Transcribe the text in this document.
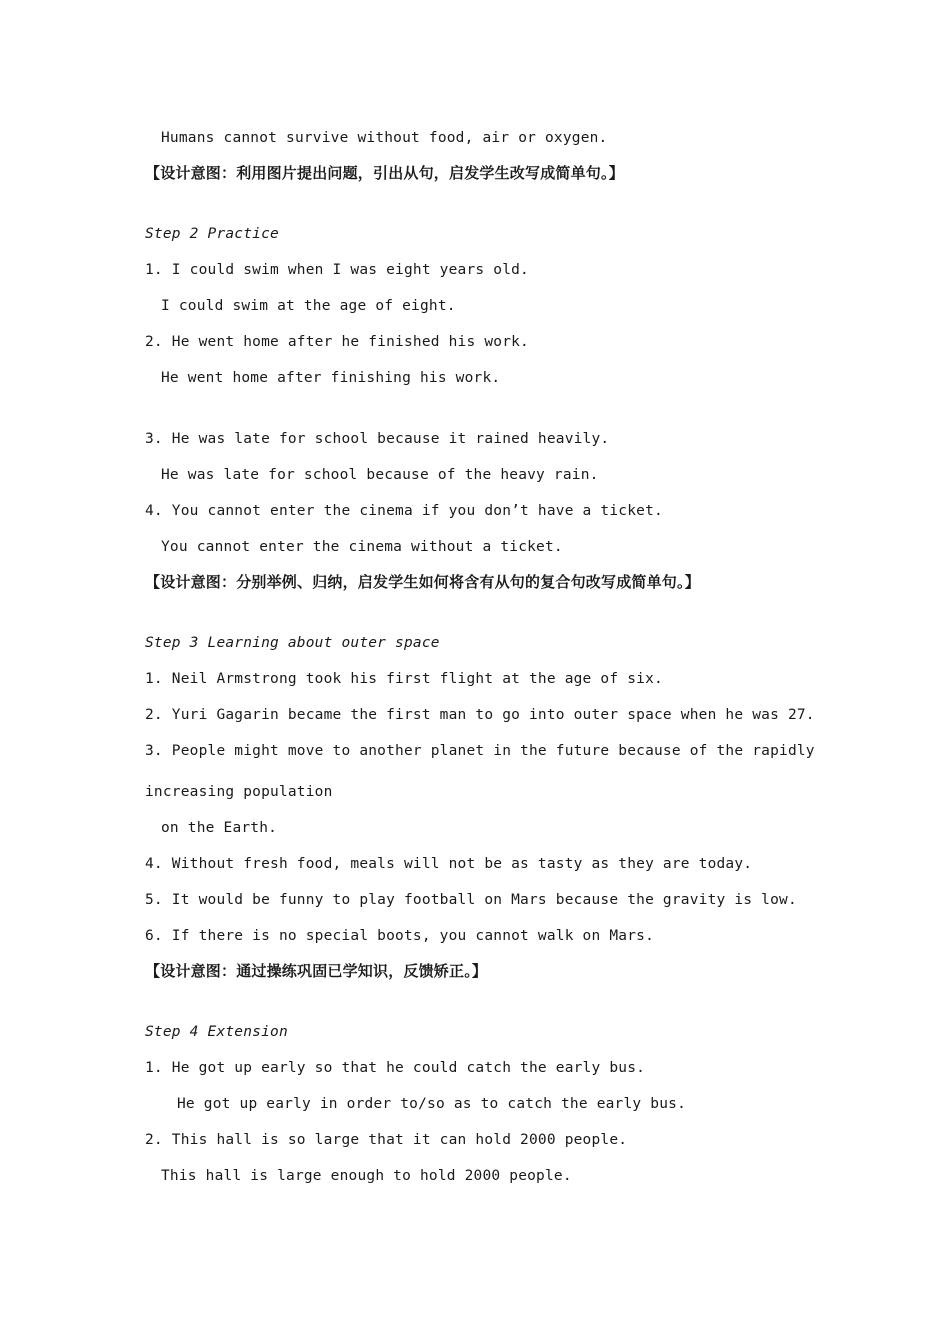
Humans cannot survive without food, air or oxygen.
【设计意图：利用图片提出问题，引出从句，启发学生改写成简单句。】
Step 2 Practice
1. I could swim when I was eight years old.
I could swim at the age of eight.
2. He went home after he finished his work.
He went home after finishing his work.
3. He was late for school because it rained heavily.
He was late for school because of the heavy rain.
4. You cannot enter the cinema if you don’t have a ticket.
You cannot enter the cinema without a ticket.
【设计意图：分别举例、归纳，启发学生如何将含有从句的复合句改写成简单句。】
Step 3 Learning about outer space
1. Neil Armstrong took his first flight at the age of six.
2. Yuri Gagarin became the first man to go into outer space when he was 27.
3. People might move to another planet in the future because of the rapidly
increasing population
on the Earth.
4. Without fresh food, meals will not be as tasty as they are today.
5. It would be funny to play football on Mars because the gravity is low.
6. If there is no special boots, you cannot walk on Mars.
【设计意图：通过操练巩固已学知识，反馈矫正。】
Step 4 Extension
1. He got up early so that he could catch the early bus.
He got up early in order to/so as to catch the early bus.
2. This hall is so large that it can hold 2000 people.
This hall is large enough to hold 2000 people.
